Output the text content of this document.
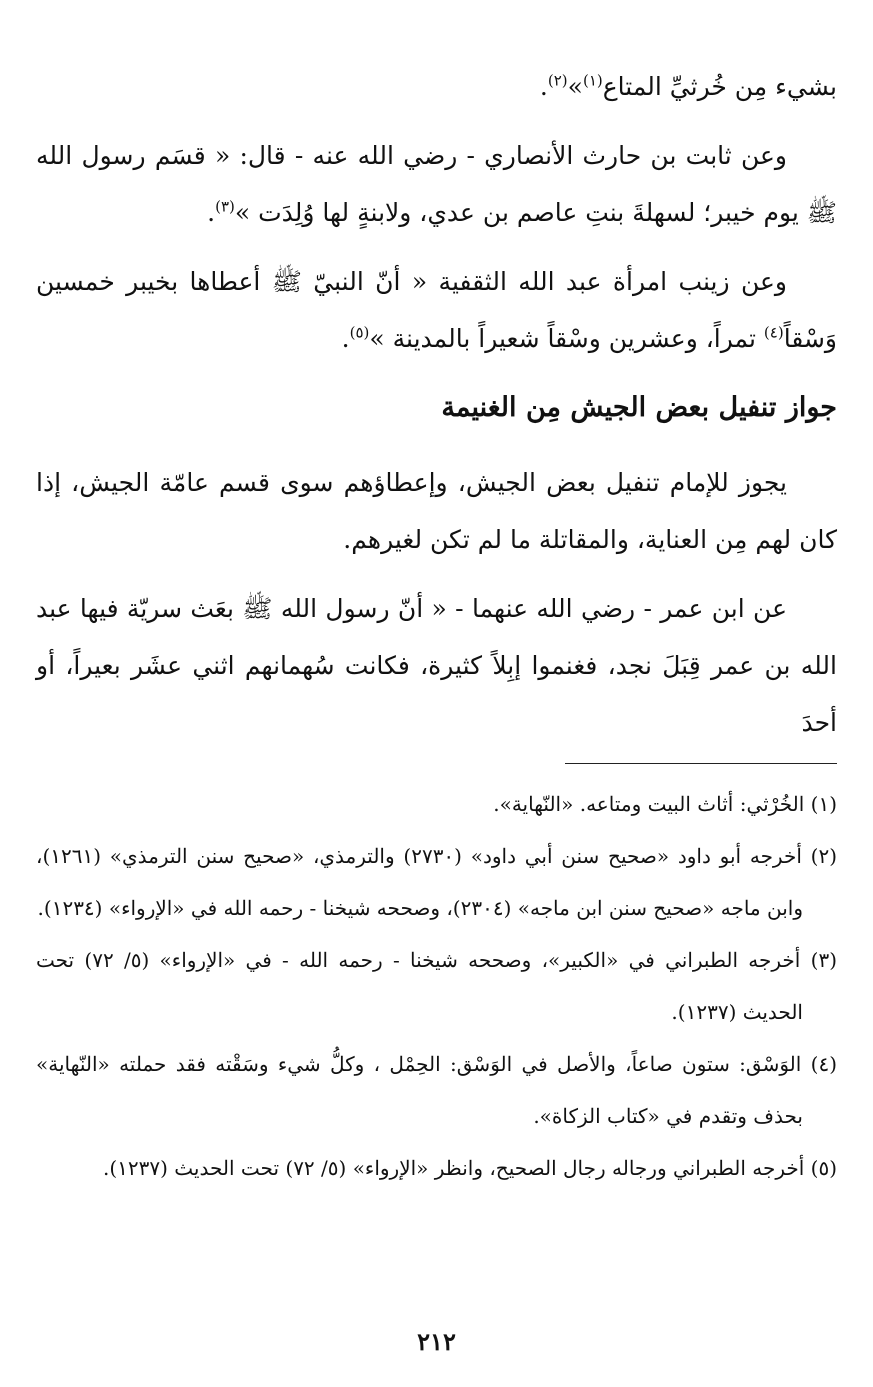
بشيء مِن خُرثيِّ المتاع$^{(١)}$»$^{(٢)}$.

وعن ثابت بن حارث الأنصاري - رضي الله عنه - قال: « قسَم رسول الله ﷺ يوم خيبر؛ لسهلةَ بنتِ عاصم بن عدي، ولابنةٍ لها وُلِدَت »$^{(٣)}$.

وعن زينب امرأة عبد الله الثقفية « أنّ النبيّ ﷺ أعطاها بخيبر خمسين وَسْقاً$^{(٤)}$ تمراً، وعشرين وسْقاً شعيراً بالمدينة »$^{(٥)}$.

جواز تنفيل بعض الجيش مِن الغنيمة

يجوز للإمام تنفيل بعض الجيش، وإعطاؤهم سوى قسم عامّة الجيش، إذا كان لهم مِن العناية، والمقاتلة ما لم تكن لغيرهم.

عن ابن عمر - رضي الله عنهما - « أنّ رسول الله ﷺ بعَث سريّة فيها عبد الله بن عمر قِبَلَ نجد، فغنموا إبِلاً كثيرة، فكانت سُهمانهم اثني عشَر بعيراً، أو أحدَ

(١) الخُرْثي: أثاث البيت ومتاعه. «النّهاية».

(٢) أخرجه أبو داود «صحيح سنن أبي داود» (٢٧٣٠) والترمذي، «صحيح سنن الترمذي» (١٢٦١)، وابن ماجه «صحيح سنن ابن ماجه» (٢٣٠٤)، وصححه شيخنا - رحمه الله في «الإرواء» (١٢٣٤).

(٣) أخرجه الطبراني في «الكبير»، وصححه شيخنا - رحمه الله - في «الإرواء» (٥/ ٧٢) تحت الحديث (١٢٣٧).

(٤) الوَسْق: ستون صاعاً، والأصل في الوَسْق: الحِمْل ، وكلُّ شيء وسَقْته فقد حملته «النّهاية» بحذف وتقدم في «كتاب الزكاة».

(٥) أخرجه الطبراني ورجاله رجال الصحيح، وانظر «الإرواء» (٥/ ٧٢) تحت الحديث (١٢٣٧).

٢١٢
